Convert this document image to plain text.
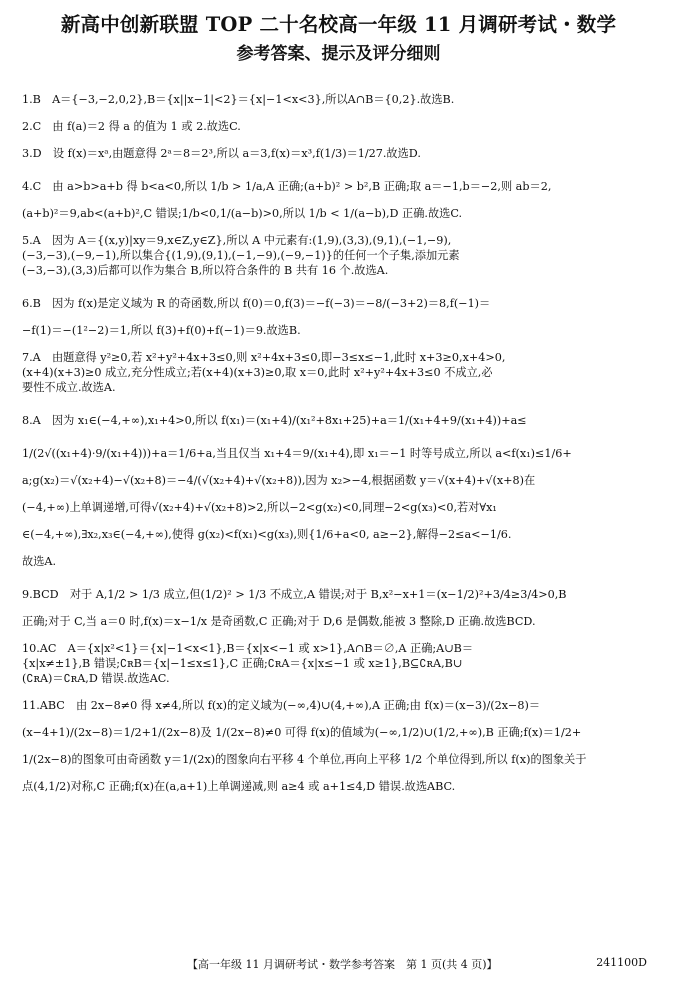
新高中创新联盟 TOP 二十名校高一年级 11 月调研考试・数学
参考答案、提示及评分细则
1.B　A＝{−3,−2,0,2},B＝{x||x−1|<2}＝{x|−1<x<3},所以A∩B＝{0,2}.故选B.
2.C　由 f(a)＝2 得 a 的值为 1 或 2.故选C.
3.D　设 f(x)＝xᵃ,由题意得 2ᵃ＝8＝2³,所以 a＝3,f(x)＝x³,f(1/3)＝1/27.故选D.
4.C　由 a>b>a+b 得 b<a<0,所以 1/b > 1/a,A 正确;(a+b)² > b²,B 正确;取 a＝−1,b＝−2,则 ab＝2,
(a+b)²＝9,ab<(a+b)²,C 错误;1/b<0,1/(a−b)>0,所以 1/b < 1/(a−b),D 正确.故选C.
5.A　因为 A＝{(x,y)|xy＝9,x∈Z,y∈Z},所以 A 中元素有:(1,9),(3,3),(9,1),(−1,−9),
(−3,−3),(−9,−1),所以集合{(1,9),(9,1),(−1,−9),(−9,−1)}的任何一个子集,添加元素
(−3,−3),(3,3)后都可以作为集合 B,所以符合条件的 B 共有 16 个.故选A.
6.B　因为 f(x)是定义域为 R 的奇函数,所以 f(0)＝0,f(3)＝−f(−3)＝−8/(−3+2)＝8,f(−1)＝
−f(1)＝−(1²−2)＝1,所以 f(3)+f(0)+f(−1)＝9.故选B.
7.A　由题意得 y²≥0,若 x²+y²+4x+3≤0,则 x²+4x+3≤0,即−3≤x≤−1,此时 x+3≥0,x+4>0,
(x+4)(x+3)≥0 成立,充分性成立;若(x+4)(x+3)≥0,取 x＝0,此时 x²+y²+4x+3≤0 不成立,必
要性不成立.故选A.
8.A　因为 x₁∈(−4,+∞),x₁+4>0,所以 f(x₁)＝(x₁+4)/(x₁²+8x₁+25)+a＝1/(x₁+4+9/(x₁+4))+a≤
1/(2√((x₁+4)·9/(x₁+4)))+a＝1/6+a,当且仅当 x₁+4＝9/(x₁+4),即 x₁＝−1 时等号成立,所以 a<f(x₁)≤1/6+
a;g(x₂)＝√(x₂+4)−√(x₂+8)＝−4/(√(x₂+4)+√(x₂+8)),因为 x₂>−4,根据函数 y＝√(x+4)+√(x+8)在
(−4,+∞)上单调递增,可得√(x₂+4)+√(x₂+8)>2,所以−2<g(x₂)<0,同理−2<g(x₃)<0,若对∀x₁
∈(−4,+∞),∃x₂,x₃∈(−4,+∞),使得 g(x₂)<f(x₁)<g(x₃),则{1/6+a<0, a≥−2},解得−2≤a<−1/6.
故选A.
9.BCD　对于 A,1/2 > 1/3 成立,但(1/2)² > 1/3 不成立,A 错误;对于 B,x²−x+1＝(x−1/2)²+3/4≥3/4>0,B
正确;对于 C,当 a＝0 时,f(x)＝x−1/x 是奇函数,C 正确;对于 D,6 是偶数,能被 3 整除,D 正确.故选BCD.
10.AC　A＝{x|x²<1}＝{x|−1<x<1},B＝{x|x<−1 或 x>1},A∩B＝∅,A 正确;A∪B＝
{x|x≠±1},B 错误;∁ʀB＝{x|−1≤x≤1},C 正确;∁ʀA＝{x|x≤−1 或 x≥1},B⊆∁ʀA,B∪
(∁ʀA)＝∁ʀA,D 错误.故选AC.
11.ABC　由 2x−8≠0 得 x≠4,所以 f(x)的定义域为(−∞,4)∪(4,+∞),A 正确;由 f(x)＝(x−3)/(2x−8)＝
(x−4+1)/(2x−8)＝1/2+1/(2x−8)及 1/(2x−8)≠0 可得 f(x)的值域为(−∞,1/2)∪(1/2,+∞),B 正确;f(x)＝1/2+
1/(2x−8)的图象可由奇函数 y＝1/(2x)的图象向右平移 4 个单位,再向上平移 1/2 个单位得到,所以 f(x)的图象关于
点(4,1/2)对称,C 正确;f(x)在(a,a+1)上单调递减,则 a≥4 或 a+1≤4,D 错误.故选ABC.
【高一年级 11 月调研考试・数学参考答案　第 1 页(共 4 页)】	241100D
